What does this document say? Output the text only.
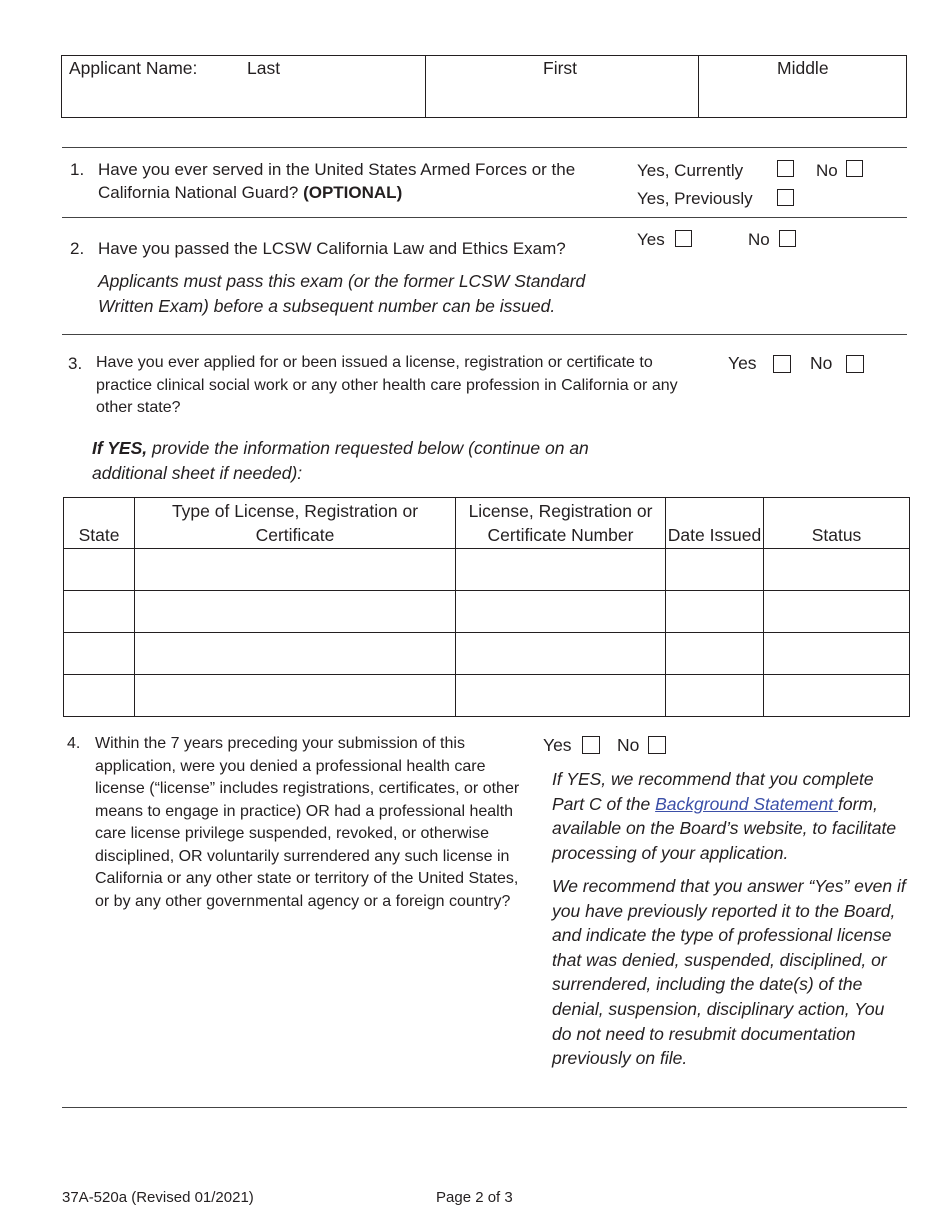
Applicant Name:	Last	First	Middle
1. Have you ever served in the United States Armed Forces or the California National Guard? (OPTIONAL)
Yes, Currently	No
Yes, Previously
2. Have you passed the LCSW California Law and Ethics Exam?	Yes	No
Applicants must pass this exam (or the former LCSW Standard Written Exam) before a subsequent number can be issued.
3. Have you ever applied for or been issued a license, registration or certificate to practice clinical social work or any other health care profession in California or any other state?
Yes	No
If YES, provide the information requested below (continue on an additional sheet if needed):
State	Type of License, Registration or Certificate	License, Registration or Certificate Number	Date Issued	Status

4. Within the 7 years preceding your submission of this application, were you denied a professional health care license (“license” includes registrations, certificates, or other means to engage in practice) OR had a professional health care license privilege suspended, revoked, or otherwise disciplined, OR voluntarily surrendered any such license in California or any other state or territory of the United States, or by any other governmental agency or a foreign country?
Yes	No
If YES, we recommend that you complete Part C of the Background Statement form, available on the Board’s website, to facilitate processing of your application.
We recommend that you answer “Yes” even if you have previously reported it to the Board, and indicate the type of professional license that was denied, suspended, disciplined, or surrendered, including the date(s) of the denial, suspension, disciplinary action, You do not need to resubmit documentation previously on file.
37A-520a (Revised 01/2021)	Page 2 of 3
